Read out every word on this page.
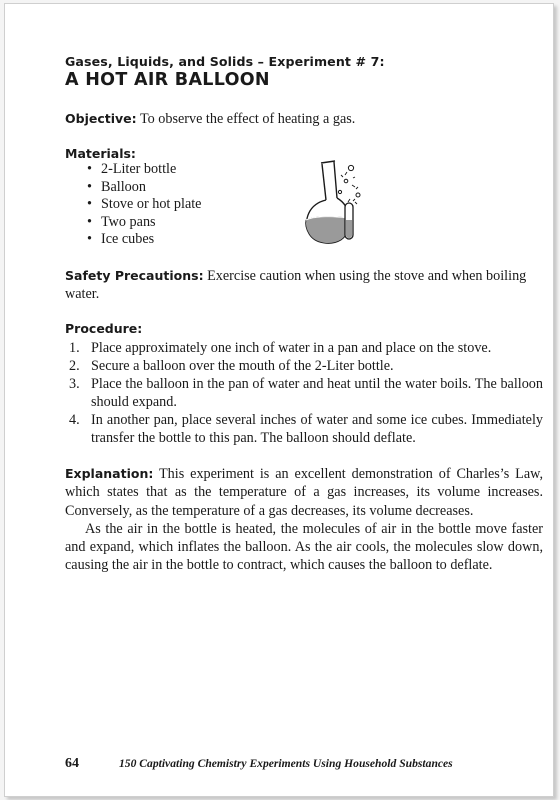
Gases, Liquids, and Solids – Experiment # 7:
A HOT AIR BALLOON
Objective: To observe the effect of heating a gas.
Materials:
• 2-Liter bottle
• Balloon
• Stove or hot plate
• Two pans
• Ice cubes
Safety Precautions: Exercise caution when using the stove and when boiling water.
Procedure:
1. Place approximately one inch of water in a pan and place on the stove.
2. Secure a balloon over the mouth of the 2-Liter bottle.
3. Place the balloon in the pan of water and heat until the water boils. The balloon should expand.
4. In another pan, place several inches of water and some ice cubes. Immediately transfer the bottle to this pan. The balloon should deflate.

Explanation: This experiment is an excellent demonstration of Charles’s Law, which states that as the temperature of a gas increases, its volume increases. Conversely, as the temperature of a gas decreases, its volume decreases.

As the air in the bottle is heated, the molecules of air in the bottle move faster and expand, which inflates the balloon. As the air cools, the molecules slow down, causing the air in the bottle to contract, which causes the balloon to deflate.

64	150 Captivating Chemistry Experiments Using Household Substances
